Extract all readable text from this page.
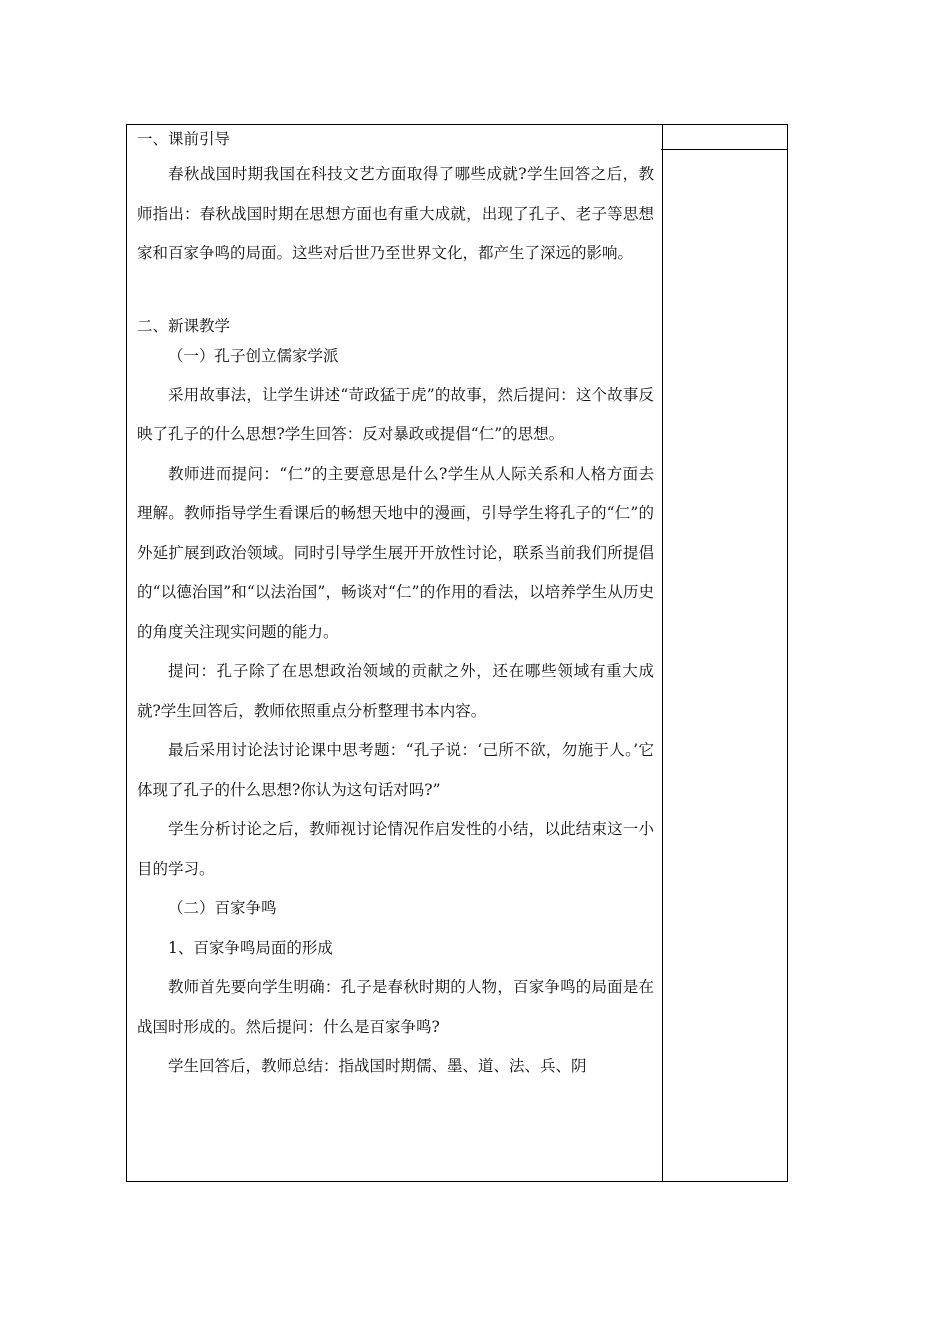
一、课前引导

春秋战国时期我国在科技文艺方面取得了哪些成就?学生回答之后，教师指出：春秋战国时期在思想方面也有重大成就，出现了孔子、老子等思想家和百家争鸣的局面。这些对后世乃至世界文化，都产生了深远的影响。

二、新课教学

（一）孔子创立儒家学派

采用故事法，让学生讲述“苛政猛于虎”的故事，然后提问：这个故事反映了孔子的什么思想?学生回答：反对暴政或提倡“仁”的思想。

教师进而提问：“仁”的主要意思是什么?学生从人际关系和人格方面去理解。教师指导学生看课后的畅想天地中的漫画，引导学生将孔子的“仁”的外延扩展到政治领域。同时引导学生展开开放性讨论，联系当前我们所提倡的“以德治国”和“以法治国”，畅谈对“仁”的作用的看法，以培养学生从历史的角度关注现实问题的能力。

提问：孔子除了在思想政治领域的贡献之外，还在哪些领域有重大成就?学生回答后，教师依照重点分析整理书本内容。

最后采用讨论法讨论课中思考题：“孔子说：‘己所不欲，勿施于人。’它体现了孔子的什么思想?你认为这句话对吗?”

学生分析讨论之后，教师视讨论情况作启发性的小结，以此结束这一小目的学习。

（二）百家争鸣

1、百家争鸣局面的形成

教师首先要向学生明确：孔子是春秋时期的人物，百家争鸣的局面是在战国时形成的。然后提问：什么是百家争鸣?

学生回答后，教师总结：指战国时期儒、墨、道、法、兵、阴
